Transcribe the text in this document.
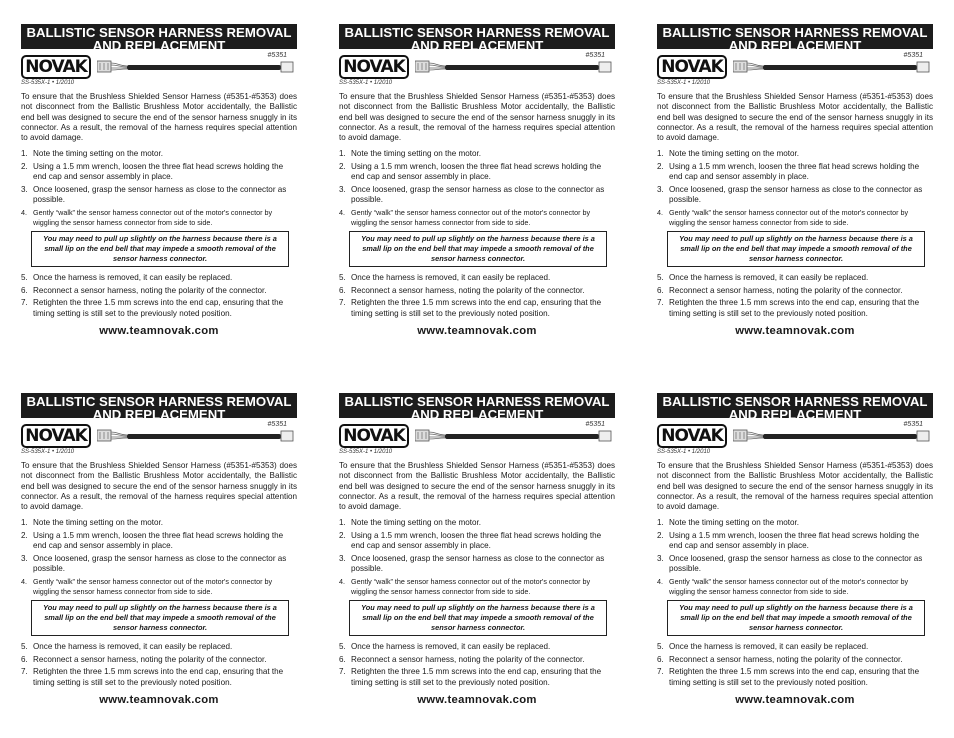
BALLISTIC SENSOR HARNESS REMOVAL AND REPLACEMENT
NOVAK
#5351
SS-535X-1 • 1/2010
To ensure that the Brushless Shielded Sensor Harness (#5351-#5353) does not disconnect from the Ballistic Brushless Motor accidentally, the Ballistic end bell was designed to secure the end of the sensor harness snuggly in its connector. As a result, the removal of the harness requires special attention to avoid damage.
1. Note the timing setting on the motor.
2. Using a 1.5 mm wrench, loosen the three flat head screws holding the end cap and sensor assembly in place.
3. Once loosened, grasp the sensor harness as close to the connector as possible.
4. Gently “walk” the sensor harness connector out of the motor's connector by wiggling the sensor harness connector from side to side.
You may need to pull up slightly on the harness because there is a small lip on the end bell that may impede a smooth removal of the sensor harness connector.
5. Once the harness is removed, it can easily be replaced.
6. Reconnect a sensor harness, noting the polarity of the connector.
7. Retighten the three 1.5 mm screws into the end cap, ensuring that the timing setting is still set to the previously noted position.
www.teamnovak.com
BALLISTIC SENSOR HARNESS REMOVAL AND REPLACEMENT
NOVAK
#5351
SS-535X-1 • 1/2010
To ensure that the Brushless Shielded Sensor Harness (#5351-#5353) does not disconnect from the Ballistic Brushless Motor accidentally, the Ballistic end bell was designed to secure the end of the sensor harness snuggly in its connector. As a result, the removal of the harness requires special attention to avoid damage.
1. Note the timing setting on the motor.
2. Using a 1.5 mm wrench, loosen the three flat head screws holding the end cap and sensor assembly in place.
3. Once loosened, grasp the sensor harness as close to the connector as possible.
4. Gently “walk” the sensor harness connector out of the motor's connector by wiggling the sensor harness connector from side to side.
You may need to pull up slightly on the harness because there is a small lip on the end bell that may impede a smooth removal of the sensor harness connector.
5. Once the harness is removed, it can easily be replaced.
6. Reconnect a sensor harness, noting the polarity of the connector.
7. Retighten the three 1.5 mm screws into the end cap, ensuring that the timing setting is still set to the previously noted position.
www.teamnovak.com
BALLISTIC SENSOR HARNESS REMOVAL AND REPLACEMENT
NOVAK
#5351
SS-535X-1 • 1/2010
To ensure that the Brushless Shielded Sensor Harness (#5351-#5353) does not disconnect from the Ballistic Brushless Motor accidentally, the Ballistic end bell was designed to secure the end of the sensor harness snuggly in its connector. As a result, the removal of the harness requires special attention to avoid damage.
1. Note the timing setting on the motor.
2. Using a 1.5 mm wrench, loosen the three flat head screws holding the end cap and sensor assembly in place.
3. Once loosened, grasp the sensor harness as close to the connector as possible.
4. Gently “walk” the sensor harness connector out of the motor's connector by wiggling the sensor harness connector from side to side.
You may need to pull up slightly on the harness because there is a small lip on the end bell that may impede a smooth removal of the sensor harness connector.
5. Once the harness is removed, it can easily be replaced.
6. Reconnect a sensor harness, noting the polarity of the connector.
7. Retighten the three 1.5 mm screws into the end cap, ensuring that the timing setting is still set to the previously noted position.
www.teamnovak.com
BALLISTIC SENSOR HARNESS REMOVAL AND REPLACEMENT
NOVAK
#5351
SS-535X-1 • 1/2010
To ensure that the Brushless Shielded Sensor Harness (#5351-#5353) does not disconnect from the Ballistic Brushless Motor accidentally, the Ballistic end bell was designed to secure the end of the sensor harness snuggly in its connector. As a result, the removal of the harness requires special attention to avoid damage.
1. Note the timing setting on the motor.
2. Using a 1.5 mm wrench, loosen the three flat head screws holding the end cap and sensor assembly in place.
3. Once loosened, grasp the sensor harness as close to the connector as possible.
4. Gently “walk” the sensor harness connector out of the motor's connector by wiggling the sensor harness connector from side to side.
You may need to pull up slightly on the harness because there is a small lip on the end bell that may impede a smooth removal of the sensor harness connector.
5. Once the harness is removed, it can easily be replaced.
6. Reconnect a sensor harness, noting the polarity of the connector.
7. Retighten the three 1.5 mm screws into the end cap, ensuring that the timing setting is still set to the previously noted position.
www.teamnovak.com
BALLISTIC SENSOR HARNESS REMOVAL AND REPLACEMENT
NOVAK
#5351
SS-535X-1 • 1/2010
To ensure that the Brushless Shielded Sensor Harness (#5351-#5353) does not disconnect from the Ballistic Brushless Motor accidentally, the Ballistic end bell was designed to secure the end of the sensor harness snuggly in its connector. As a result, the removal of the harness requires special attention to avoid damage.
1. Note the timing setting on the motor.
2. Using a 1.5 mm wrench, loosen the three flat head screws holding the end cap and sensor assembly in place.
3. Once loosened, grasp the sensor harness as close to the connector as possible.
4. Gently “walk” the sensor harness connector out of the motor's connector by wiggling the sensor harness connector from side to side.
You may need to pull up slightly on the harness because there is a small lip on the end bell that may impede a smooth removal of the sensor harness connector.
5. Once the harness is removed, it can easily be replaced.
6. Reconnect a sensor harness, noting the polarity of the connector.
7. Retighten the three 1.5 mm screws into the end cap, ensuring that the timing setting is still set to the previously noted position.
www.teamnovak.com
BALLISTIC SENSOR HARNESS REMOVAL AND REPLACEMENT
NOVAK
#5351
SS-535X-1 • 1/2010
To ensure that the Brushless Shielded Sensor Harness (#5351-#5353) does not disconnect from the Ballistic Brushless Motor accidentally, the Ballistic end bell was designed to secure the end of the sensor harness snuggly in its connector. As a result, the removal of the harness requires special attention to avoid damage.
1. Note the timing setting on the motor.
2. Using a 1.5 mm wrench, loosen the three flat head screws holding the end cap and sensor assembly in place.
3. Once loosened, grasp the sensor harness as close to the connector as possible.
4. Gently “walk” the sensor harness connector out of the motor's connector by wiggling the sensor harness connector from side to side.
You may need to pull up slightly on the harness because there is a small lip on the end bell that may impede a smooth removal of the sensor harness connector.
5. Once the harness is removed, it can easily be replaced.
6. Reconnect a sensor harness, noting the polarity of the connector.
7. Retighten the three 1.5 mm screws into the end cap, ensuring that the timing setting is still set to the previously noted position.
www.teamnovak.com
